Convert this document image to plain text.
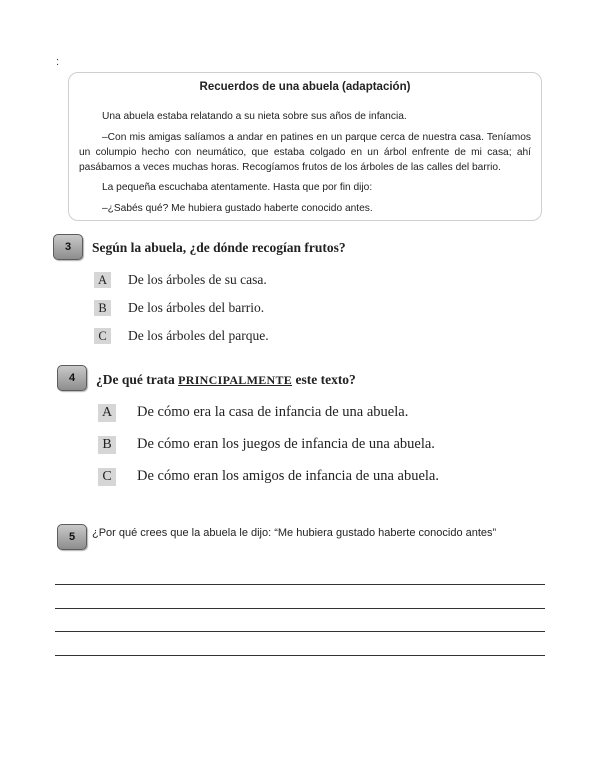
:
Recuerdos de una abuela (adaptación)

Una abuela estaba relatando a su nieta sobre sus años de infancia.

–Con mis amigas salíamos a andar en patines en un parque cerca de nuestra casa. Teníamos un columpio hecho con neumático, que estaba colgado en un árbol enfrente de mi casa; ahí pasábamos a veces muchas horas. Recogíamos frutos de los árboles de las calles del barrio.

La pequeña escuchaba atentamente. Hasta que por fin dijo:

–¿Sabés qué? Me hubiera gustado haberte conocido antes.

3	Según la abuela, ¿de dónde recogían frutos?
A De los árboles de su casa.
B	De los árboles del barrio.
C	De los árboles del parque.
4	¿De qué trata PRINCIPALMENTE este texto?
A De cómo era la casa de infancia de una abuela.
B De cómo eran los juegos de infancia de una abuela.
C De cómo eran los amigos de infancia de una abuela.
5	¿Por qué crees que la abuela le dijo: “Me hubiera gustado haberte conocido antes”
